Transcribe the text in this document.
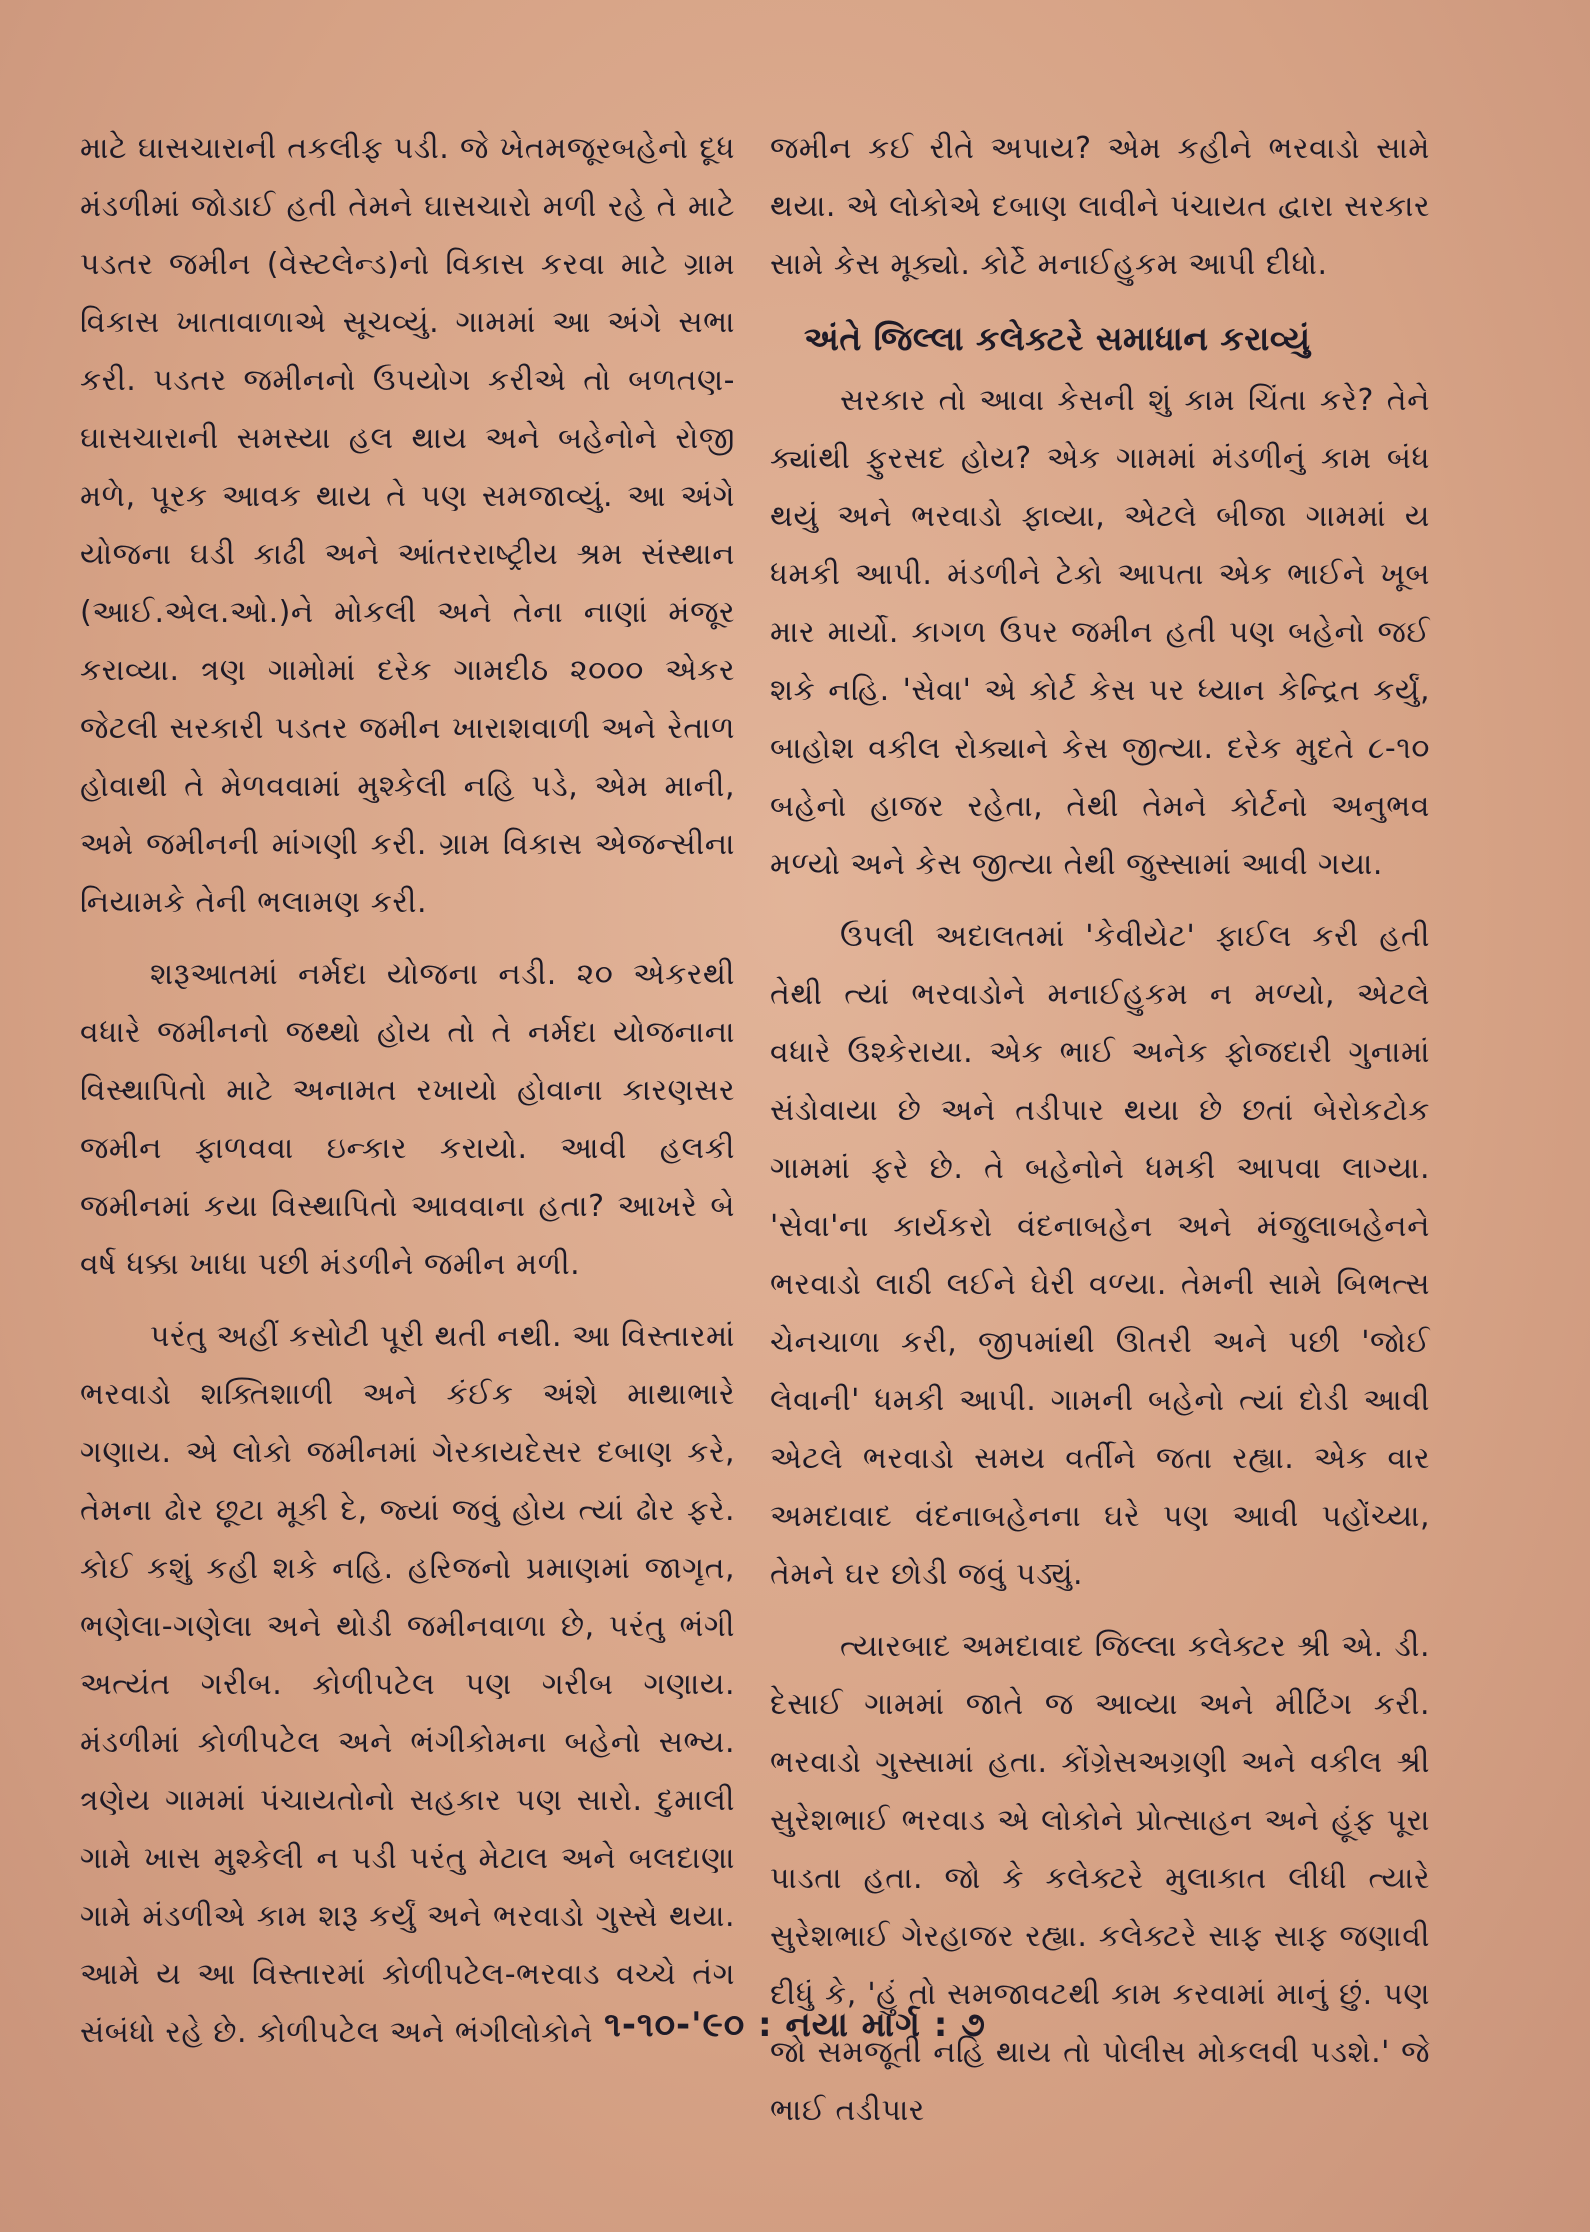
માટે ઘાસચારાની તકલીફ પડી. જે ખેતમજૂરબહેનો દૂધ મંડળીમાં જોડાઈ હતી તેમને ઘાસચારો મળી રહે તે માટે પડતર જમીન (વેસ્ટલેન્ડ)નો વિકાસ કરવા માટે ગ્રામ વિકાસ ખાતાવાળાએ સૂચવ્યું. ગામમાં આ અંગે સભા કરી. પડતર જમીનનો ઉપયોગ કરીએ તો બળતણ-ઘાસચારાની સમસ્યા હલ થાય અને બહેનોને રોજી મળે, પૂરક આવક થાય તે પણ સમજાવ્યું. આ અંગે યોજના ઘડી કાઢી અને આંતરરાષ્ટ્રીય શ્રમ સંસ્થાન (આઈ.એલ.ઓ.)ને મોકલી અને તેના નાણાં મંજૂર કરાવ્યા. ત્રણ ગામોમાં દરેક ગામદીઠ ૨૦૦૦ એકર જેટલી સરકારી પડતર જમીન ખારાશવાળી અને રેતાળ હોવાથી તે મેળવવામાં મુશ્કેલી નહિ પડે, એમ માની, અમે જમીનની માંગણી કરી. ગ્રામ વિકાસ એજન્સીના નિયામકે તેની ભલામણ કરી.

શરૂઆતમાં નર્મદા યોજના નડી. ૨૦ એકરથી વધારે જમીનનો જથ્થો હોય તો તે નર્મદા યોજનાના વિસ્થાપિતો માટે અનામત રખાયો હોવાના કારણસર જમીન ફાળવવા ઇન્કાર કરાયો. આવી હલકી જમીનમાં કયા વિસ્થાપિતો આવવાના હતા? આખરે બે વર્ષ ધક્કા ખાધા પછી મંડળીને જમીન મળી.

પરંતુ અહીં કસોટી પૂરી થતી નથી. આ વિસ્તારમાં ભરવાડો શક્તિશાળી અને કંઈક અંશે માથાભારે ગણાય. એ લોકો જમીનમાં ગેરકાયદેસર દબાણ કરે, તેમના ઢોર છૂટા મૂકી દે, જ્યાં જવું હોય ત્યાં ઢોર ફરે. કોઈ કશું કહી શકે નહિ. હરિજનો પ્રમાણમાં જાગૃત, ભણેલા-ગણેલા અને થોડી જમીનવાળા છે, પરંતુ ભંગી અત્યંત ગરીબ. કોળીપટેલ પણ ગરીબ ગણાય. મંડળીમાં કોળીપટેલ અને ભંગીકોમના બહેનો સભ્ય. ત્રણેય ગામમાં પંચાયતોનો સહકાર પણ સારો. દુમાલી ગામે ખાસ મુશ્કેલી ન પડી પરંતુ મેટાલ અને બલદાણા ગામે મંડળીએ કામ શરૂ કર્યું અને ભરવાડો ગુસ્સે થયા. આમે ય આ વિસ્તારમાં કોળીપટેલ-ભરવાડ વચ્ચે તંગ સંબંધો રહે છે. કોળીપટેલ અને ભંગીલોકોને

જમીન કઈ રીતે અપાય? એમ કહીને ભરવાડો સામે થયા. એ લોકોએ દબાણ લાવીને પંચાયત દ્વારા સરકાર સામે કેસ મૂક્યો. કોર્ટે મનાઈહુકમ આપી દીધો.

અંતે જિલ્લા કલેક્ટરે સમાધાન કરાવ્યું

સરકાર તો આવા કેસની શું કામ ચિંતા કરે? તેને ક્યાંથી ફુરસદ હોય? એક ગામમાં મંડળીનું કામ બંધ થયું અને ભરવાડો ફાવ્યા, એટલે બીજા ગામમાં ય ધમકી આપી. મંડળીને ટેકો આપતા એક ભાઈને ખૂબ માર માર્યો. કાગળ ઉપર જમીન હતી પણ બહેનો જઈ શકે નહિ. 'સેવા' એ કોર્ટ કેસ પર ધ્યાન કેન્દ્રિત કર્યું, બાહોશ વકીલ રોક્યાને કેસ જીત્યા. દરેક મુદતે ૮-૧૦ બહેનો હાજર રહેતા, તેથી તેમને કોર્ટનો અનુભવ મળ્યો અને કેસ જીત્યા તેથી જુસ્સામાં આવી ગયા.

ઉપલી અદાલતમાં 'કેવીયેટ' ફાઈલ કરી હતી તેથી ત્યાં ભરવાડોને મનાઈહુકમ ન મળ્યો, એટલે વધારે ઉશ્કેરાયા. એક ભાઈ અનેક ફોજદારી ગુનામાં સંડોવાયા છે અને તડીપાર થયા છે છતાં બેરોકટોક ગામમાં ફરે છે. તે બહેનોને ધમકી આપવા લાગ્યા. 'સેવા'ના કાર્યકરો વંદનાબહેન અને મંજુલાબહેનને ભરવાડો લાઠી લઈને ઘેરી વળ્યા. તેમની સામે બિભત્સ ચેનચાળા કરી, જીપમાંથી ઊતરી અને પછી 'જોઈ લેવાની' ધમકી આપી. ગામની બહેનો ત્યાં દોડી આવી એટલે ભરવાડો સમય વર્તીને જતા રહ્યા. એક વાર અમદાવાદ વંદનાબહેનના ઘરે પણ આવી પહોંચ્યા, તેમને ઘર છોડી જવું પડ્યું.

ત્યારબાદ અમદાવાદ જિલ્લા કલેક્ટર શ્રી એ. ડી. દેસાઈ ગામમાં જાતે જ આવ્યા અને મીટિંગ કરી. ભરવાડો ગુસ્સામાં હતા. કોંગ્રેસઅગ્રણી અને વકીલ શ્રી સુરેશભાઈ ભરવાડ એ લોકોને પ્રોત્સાહન અને હૂંફ પૂરા પાડતા હતા. જો કે કલેક્ટરે મુલાકાત લીધી ત્યારે સુરેશભાઈ ગેરહાજર રહ્યા. કલેક્ટરે સાફ સાફ જણાવી દીધું કે, 'હું તો સમજાવટથી કામ કરવામાં માનું છું. પણ જો સમજૂતી નહિ થાય તો પોલીસ મોકલવી પડશે.' જે ભાઈ તડીપાર

૧-૧૦-'૯૦ : નયા માર્ગ : ૭
